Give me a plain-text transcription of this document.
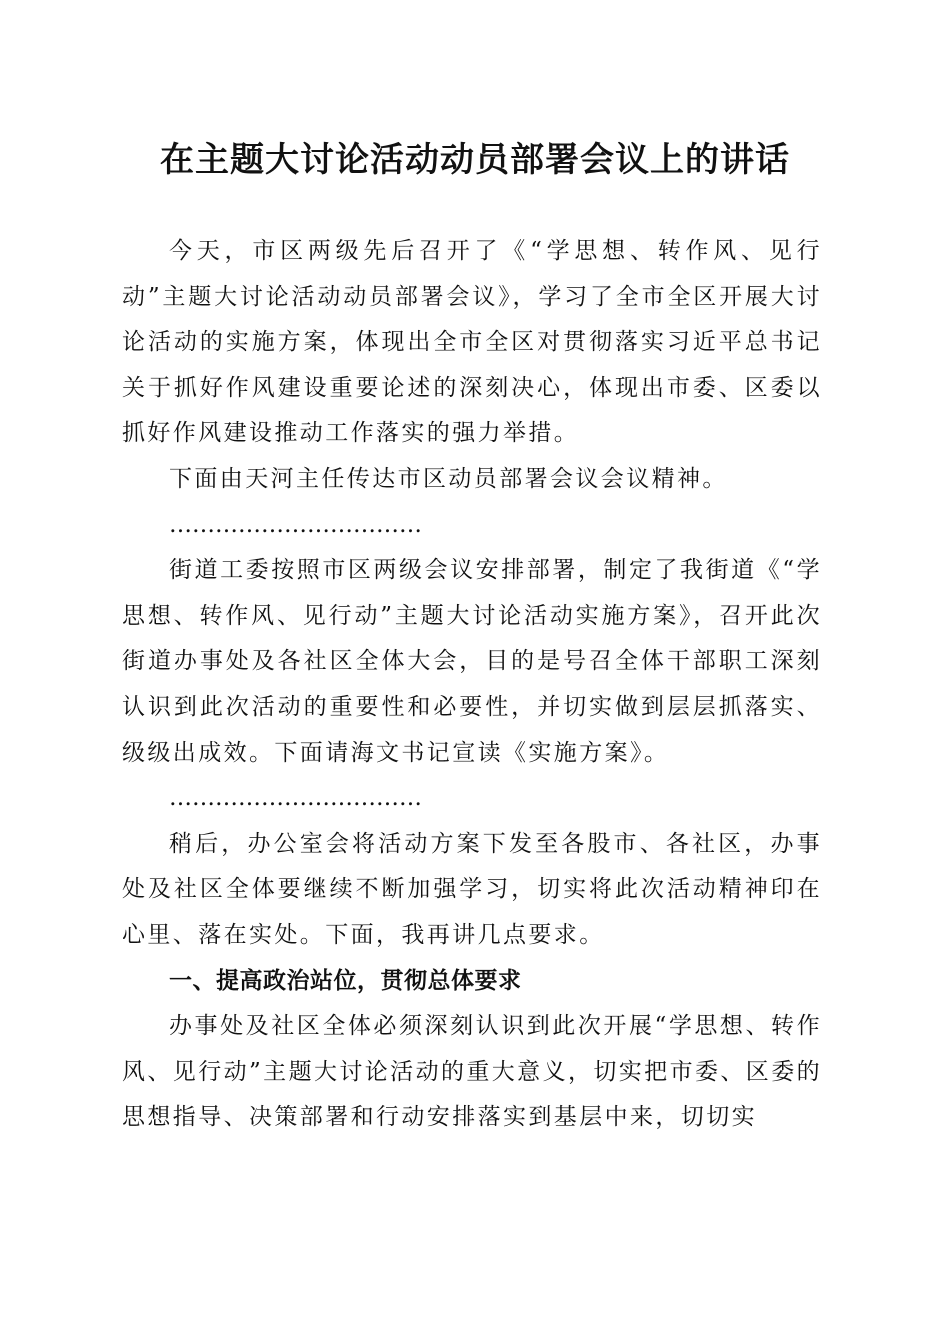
在主题大讨论活动动员部署会议上的讲话

今天，市区两级先后召开了《“学思想、转作风、见行动”主题大讨论活动动员部署会议》，学习了全市全区开展大讨论活动的实施方案，体现出全市全区对贯彻落实习近平总书记关于抓好作风建设重要论述的深刻决心，体现出市委、区委以抓好作风建设推动工作落实的强力举措。

下面由天河主任传达市区动员部署会议会议精神。

……………………………

街道工委按照市区两级会议安排部署，制定了我街道《“学思想、转作风、见行动”主题大讨论活动实施方案》，召开此次街道办事处及各社区全体大会，目的是号召全体干部职工深刻认识到此次活动的重要性和必要性，并切实做到层层抓落实、级级出成效。下面请海文书记宣读《实施方案》。

……………………………

稍后，办公室会将活动方案下发至各股市、各社区，办事处及社区全体要继续不断加强学习，切实将此次活动精神印在心里、落在实处。下面，我再讲几点要求。

一、提高政治站位，贯彻总体要求

办事处及社区全体必须深刻认识到此次开展“学思想、转作风、见行动”主题大讨论活动的重大意义，切实把市委、区委的思想指导、决策部署和行动安排落实到基层中来，切切实
